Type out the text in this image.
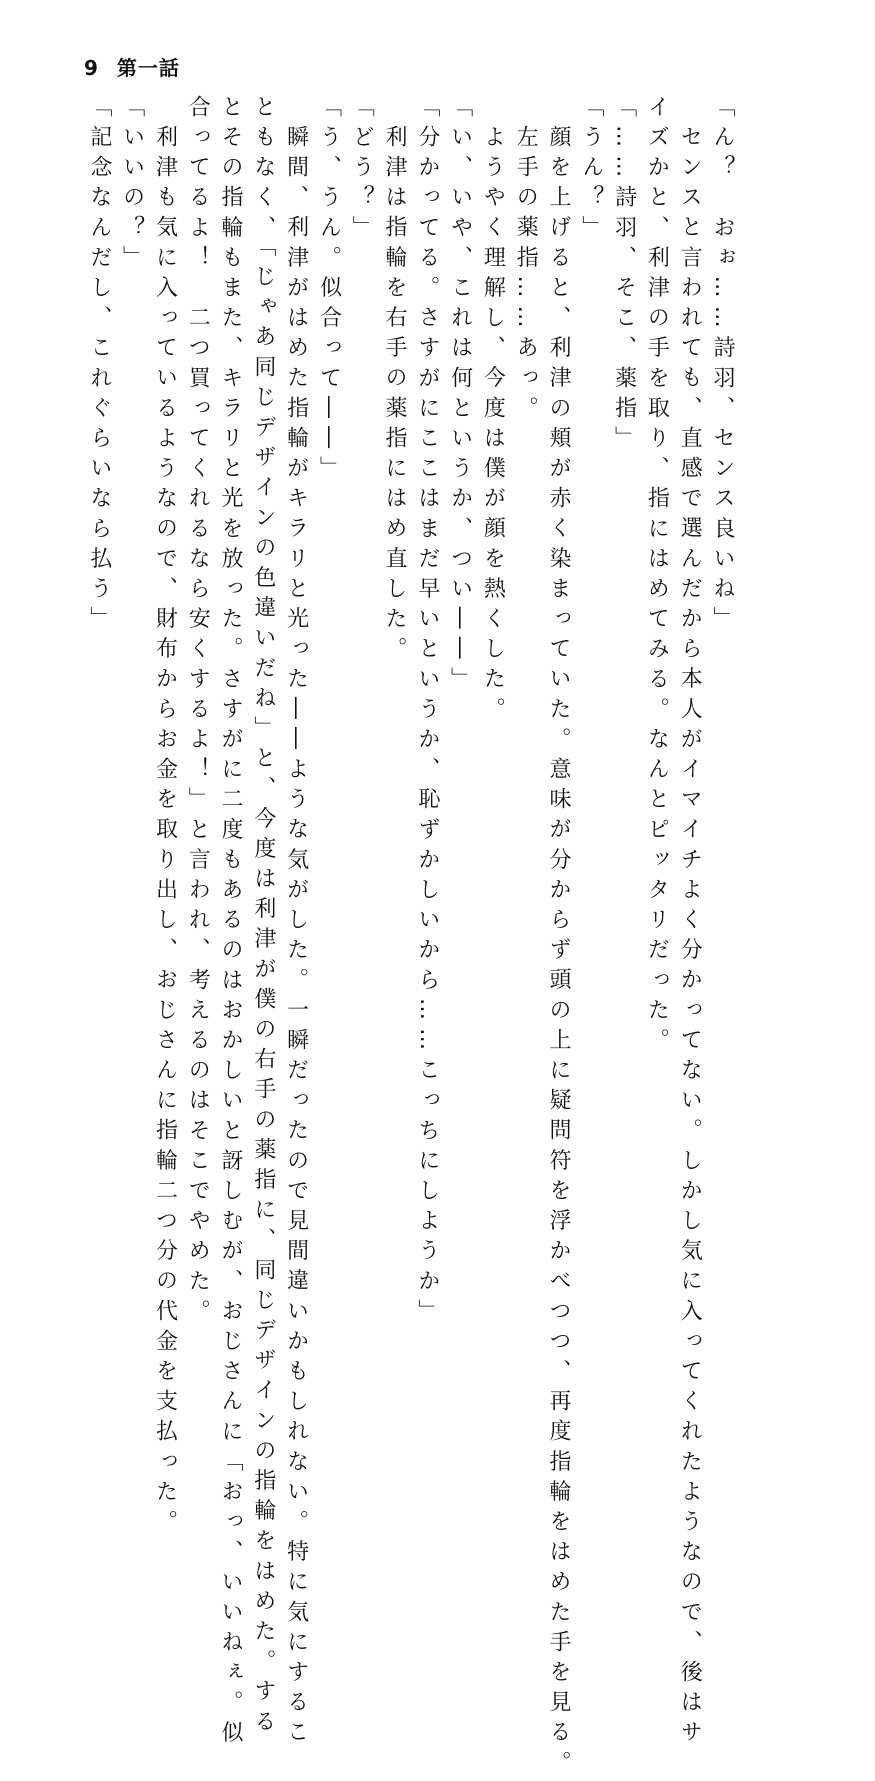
9 第一話
「ん？　おぉ……詩羽、センス良いね」
センスと言われても、直感で選んだから本人がイマイチよく分かってない。しかし気に入ってくれたようなので、後はサ
イズかと、利津の手を取り、指にはめてみる。なんとピッタリだった。
「……詩羽、そこ、薬指」
「うん？」
顔を上げると、利津の頬が赤く染まっていた。意味が分からず頭の上に疑問符を浮かべつつ、再度指輪をはめた手を見る。
左手の薬指……あっ。
ようやく理解し、今度は僕が顔を熱くした。
「い、いや、これは何というか、つい――」
「分かってる。さすがにここはまだ早いというか、恥ずかしいから……こっちにしようか」
利津は指輪を右手の薬指にはめ直した。
「どう？」
「う、うん。似合って――」
瞬間、利津がはめた指輪がキラリと光った――ような気がした。一瞬だったので見間違いかもしれない。特に気にするこ
ともなく、「じゃあ同じデザインの色違いだね」と、今度は利津が僕の右手の薬指に、同じデザインの指輪をはめた。する
とその指輪もまた、キラリと光を放った。さすがに二度もあるのはおかしいと訝しむが、おじさんに「おっ、いいねぇ。似
合ってるよ！　二つ買ってくれるなら安くするよ！」と言われ、考えるのはそこでやめた。
利津も気に入っているようなので、財布からお金を取り出し、おじさんに指輪二つ分の代金を支払った。
「いいの？」
「記念なんだし、これぐらいなら払う」
